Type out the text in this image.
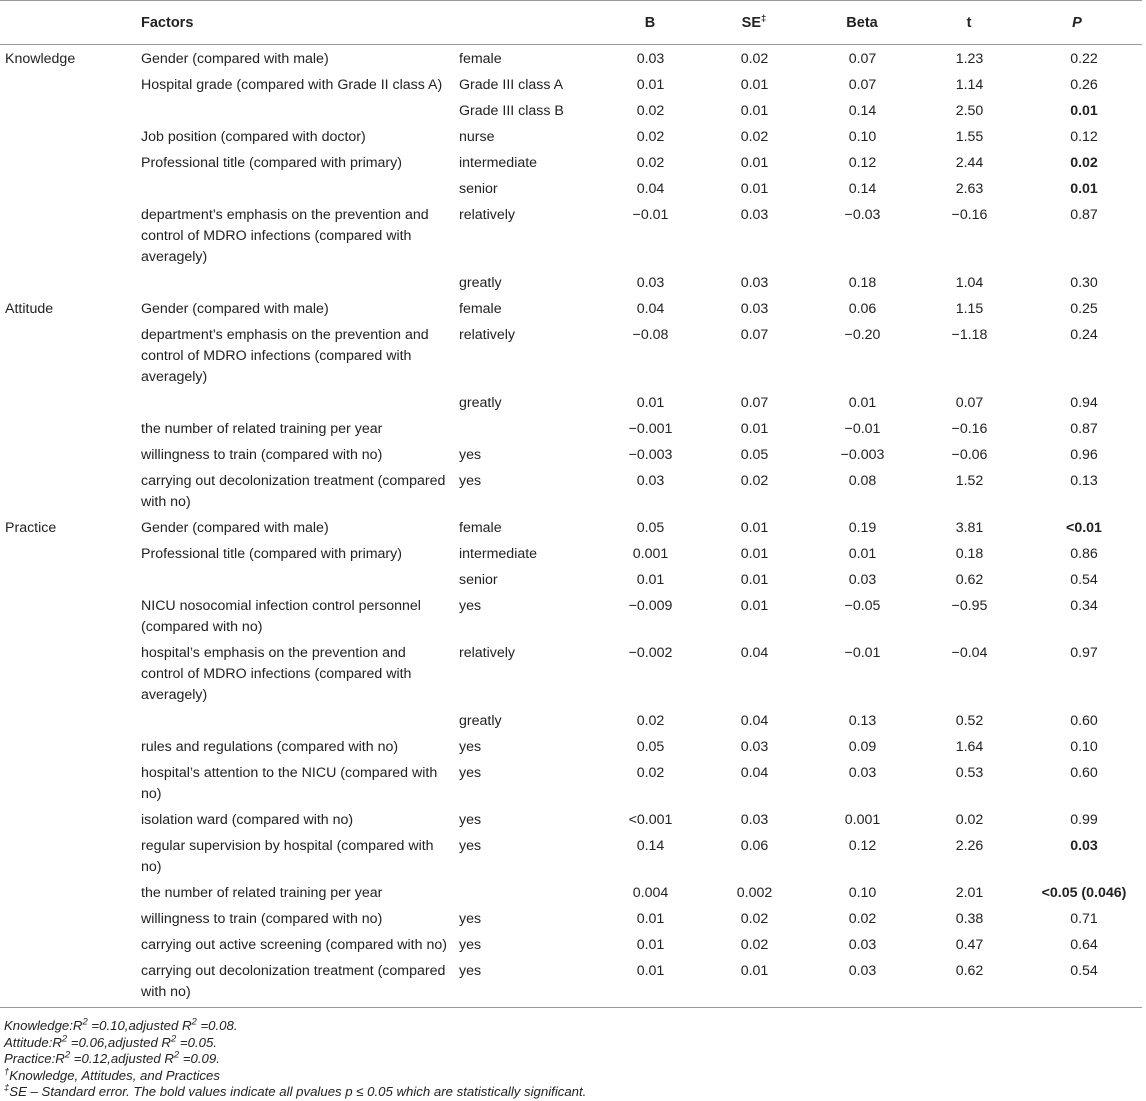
	Factors		B	SE‡	Beta	t	P
Knowledge	Gender (compared with male)	female	0.03	0.02	0.07	1.23	0.22
	Hospital grade (compared with Grade II class A)	Grade III class A	0.01	0.01	0.07	1.14	0.26
		Grade III class B	0.02	0.01	0.14	2.50	0.01
	Job position (compared with doctor)	nurse	0.02	0.02	0.10	1.55	0.12
	Professional title (compared with primary)	intermediate	0.02	0.01	0.12	2.44	0.02
		senior	0.04	0.01	0.14	2.63	0.01
	department’s emphasis on the prevention and control of MDRO infections (compared with averagely)	relatively	−0.01	0.03	−0.03	−0.16	0.87
		greatly	0.03	0.03	0.18	1.04	0.30
Attitude	Gender (compared with male)	female	0.04	0.03	0.06	1.15	0.25
	department’s emphasis on the prevention and control of MDRO infections (compared with averagely)	relatively	−0.08	0.07	−0.20	−1.18	0.24
		greatly	0.01	0.07	0.01	0.07	0.94
	the number of related training per year		−0.001	0.01	−0.01	−0.16	0.87
	willingness to train (compared with no)	yes	−0.003	0.05	−0.003	−0.06	0.96
	carrying out decolonization treatment (compared with no)	yes	0.03	0.02	0.08	1.52	0.13
Practice	Gender (compared with male)	female	0.05	0.01	0.19	3.81	<0.01
	Professional title (compared with primary)	intermediate	0.001	0.01	0.01	0.18	0.86
		senior	0.01	0.01	0.03	0.62	0.54
	NICU nosocomial infection control personnel (compared with no)	yes	−0.009	0.01	−0.05	−0.95	0.34
	hospital’s emphasis on the prevention and control of MDRO infections (compared with averagely)	relatively	−0.002	0.04	−0.01	−0.04	0.97
		greatly	0.02	0.04	0.13	0.52	0.60
	rules and regulations (compared with no)	yes	0.05	0.03	0.09	1.64	0.10
	hospital’s attention to the NICU (compared with no)	yes	0.02	0.04	0.03	0.53	0.60
	isolation ward (compared with no)	yes	<0.001	0.03	0.001	0.02	0.99
	regular supervision by hospital (compared with no)	yes	0.14	0.06	0.12	2.26	0.03
	the number of related training per year		0.004	0.002	0.10	2.01	<0.05 (0.046)
	willingness to train (compared with no)	yes	0.01	0.02	0.02	0.38	0.71
	carrying out active screening (compared with no)	yes	0.01	0.02	0.03	0.47	0.64
	carrying out decolonization treatment (compared with no)	yes	0.01	0.01	0.03	0.62	0.54
$Knowledge:R^2$ =0.10,adjusted $R^2 =0.08$.
$Attitude:R^2$ =0.06,adjusted $R^2 =0.05$.
$Practice:R^2$ =0.12,adjusted $R^2 =0.09$.
†Knowledge, Attitudes, and Practices
‡SE – Standard error. The bold values indicate all pvalues p ≤ 0.05 which are statistically significant.
